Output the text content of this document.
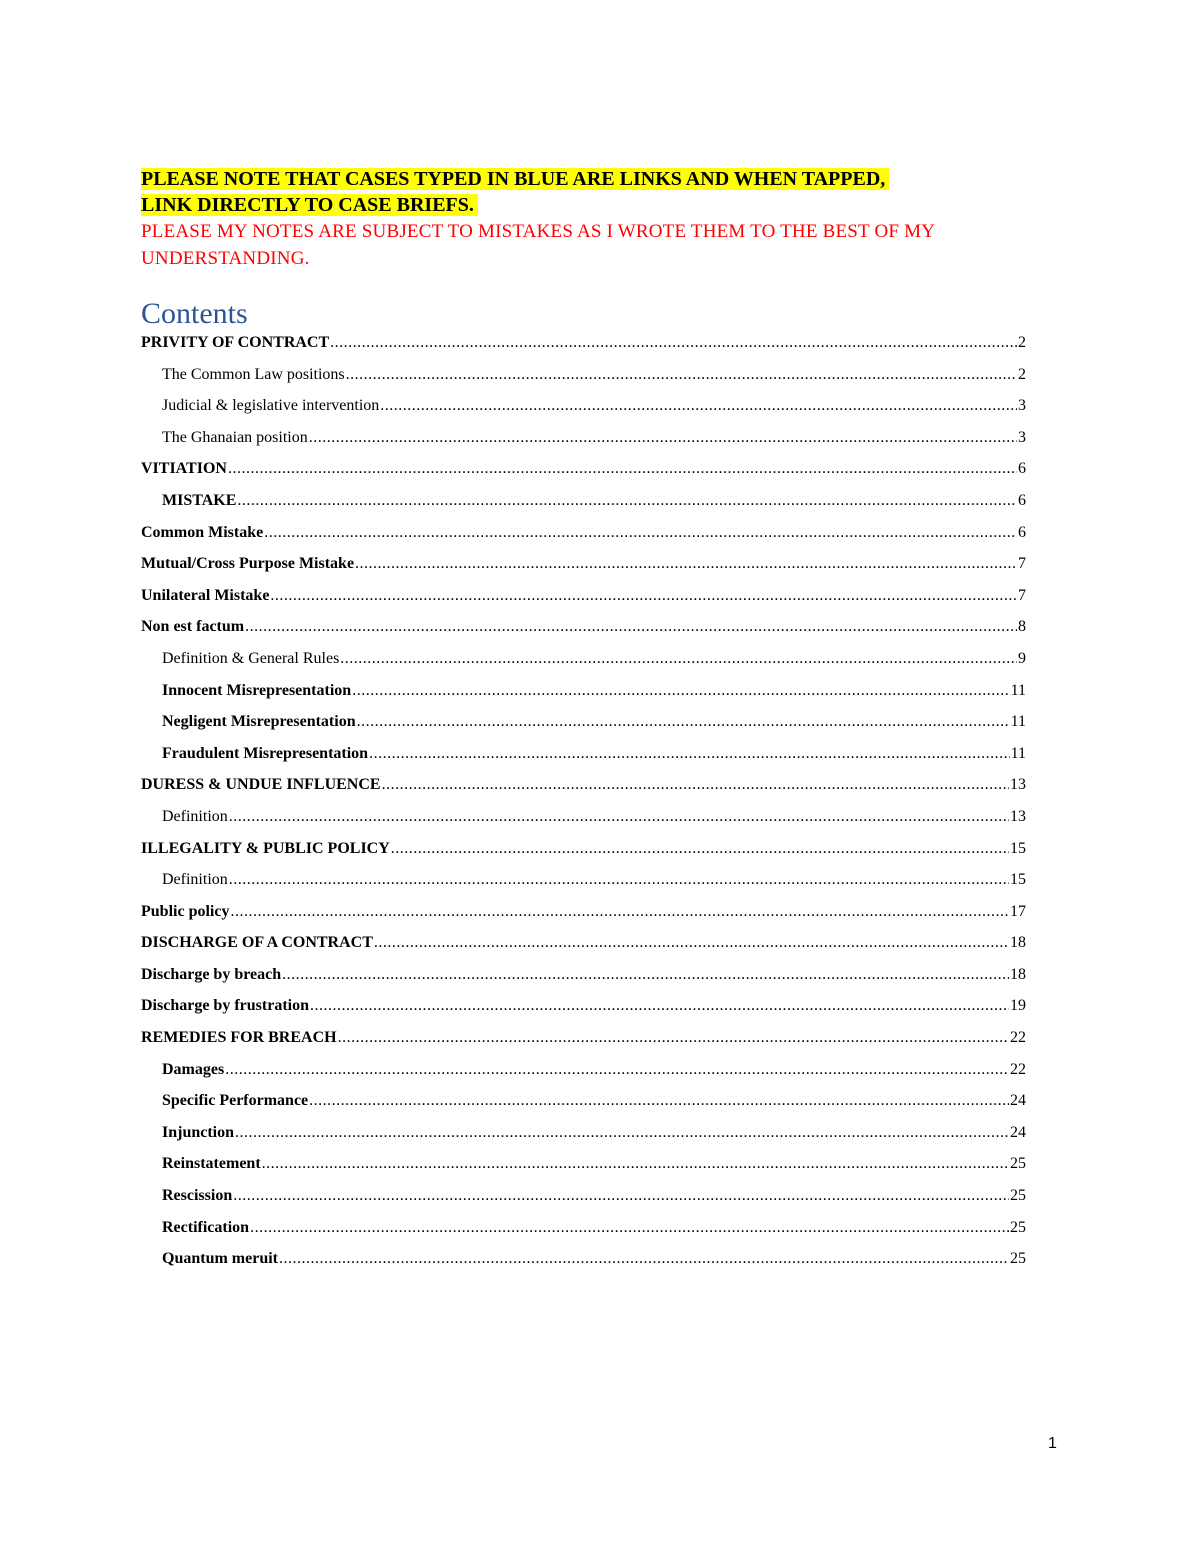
PLEASE NOTE THAT CASES TYPED IN BLUE ARE LINKS AND WHEN TAPPED,
LINK DIRECTLY TO CASE BRIEFS.
PLEASE MY NOTES ARE SUBJECT TO MISTAKES AS I WROTE THEM TO THE BEST OF MY
UNDERSTANDING.
Contents
PRIVITY OF CONTRACT .....	2
The Common Law positions .....	2
Judicial & legislative intervention .....	3
The Ghanaian position .....	3
VITIATION .....	6
MISTAKE .....	6
Common Mistake .....	6
Mutual/Cross Purpose Mistake .....	7
Unilateral Mistake .....	7
Non est factum .....	8
Definition & General Rules .....	9
Innocent Misrepresentation .....	11
Negligent Misrepresentation .....	11
Fraudulent Misrepresentation .....	11
DURESS & UNDUE INFLUENCE .....	13
Definition .....	13
ILLEGALITY & PUBLIC POLICY .....	15
Definition .....	15
Public policy .....	17
DISCHARGE OF A CONTRACT .....	18
Discharge by breach .....	18
Discharge by frustration .....	19
REMEDIES FOR BREACH .....	22
Damages .....	22
Specific Performance .....	24
Injunction .....	24
Reinstatement .....	25
Rescission .....	25
Rectification .....	25
Quantum meruit .....	25
1
